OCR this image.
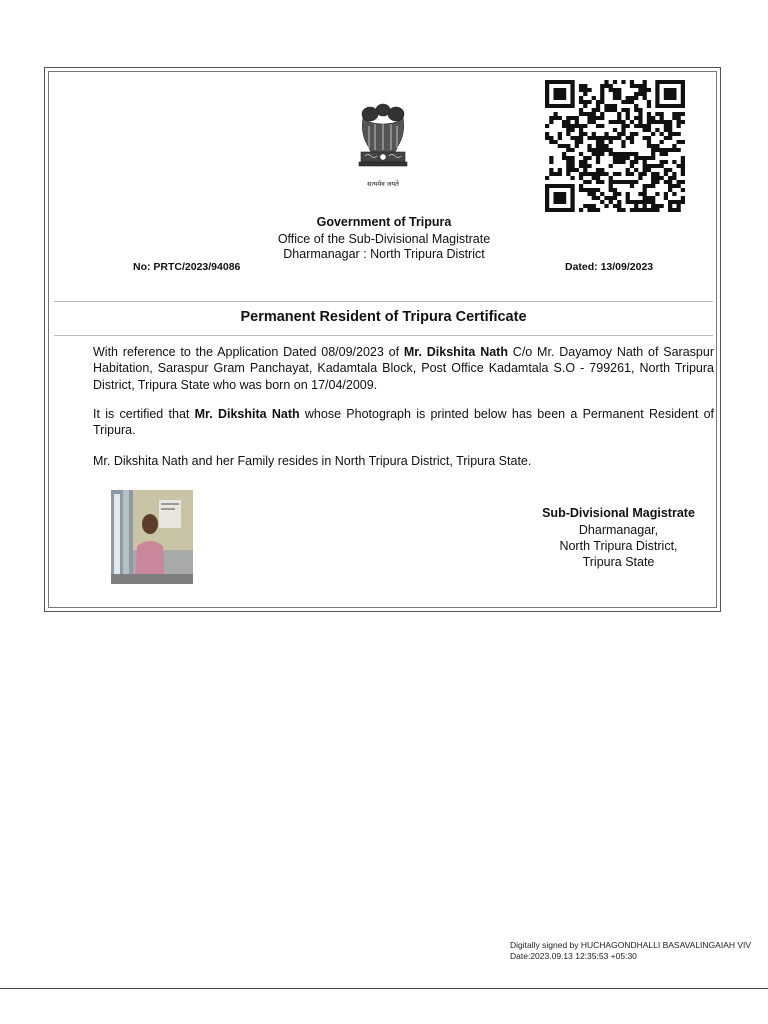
सत्यमेव जयते
Government of Tripura
Office of the Sub-Divisional Magistrate
Dharmanagar : North Tripura District
No: PRTC/2023/94086	Dated: 13/09/2023
Permanent Resident of Tripura Certificate
With reference to the Application Dated 08/09/2023 of Mr. Dikshita Nath C/o Mr. Dayamoy Nath of Saraspur Habitation, Saraspur Gram Panchayat, Kadamtala Block, Post Office Kadamtala S.O - 799261, North Tripura District, Tripura State who was born on 17/04/2009.
It is certified that Mr. Dikshita Nath whose Photograph is printed below has been a Permanent Resident of Tripura.
Mr. Dikshita Nath and her Family resides in North Tripura District, Tripura State.
Sub-Divisional Magistrate
Dharmanagar,
North Tripura District,
Tripura State
Digitally signed by HUCHAGONDHALLI BASAVALINGAIAH VIV
Date:2023.09.13 12:35:53 +05:30
